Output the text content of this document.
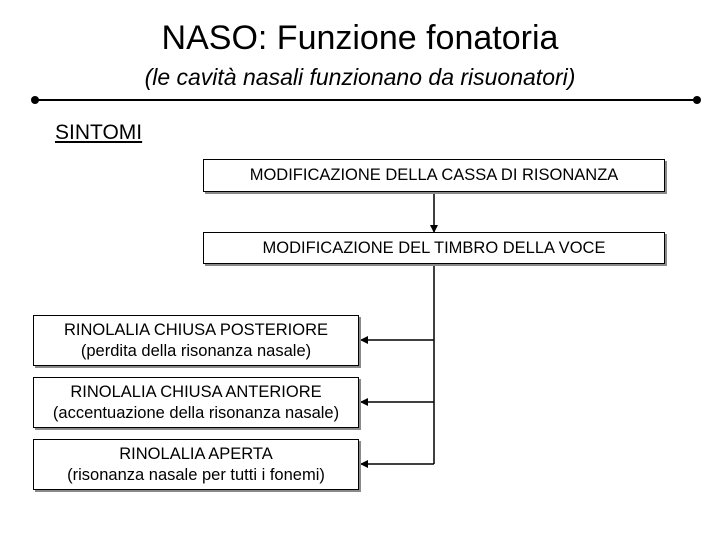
NASO: Funzione fonatoria
(le cavità nasali funzionano da risuonatori)
SINTOMI
MODIFICAZIONE DELLA CASSA DI RISONANZA
MODIFICAZIONE DEL TIMBRO DELLA VOCE
RINOLALIA CHIUSA POSTERIORE
(perdita della risonanza nasale)
RINOLALIA CHIUSA ANTERIORE
(accentuazione della risonanza nasale)
RINOLALIA APERTA
(risonanza nasale per tutti i fonemi)
